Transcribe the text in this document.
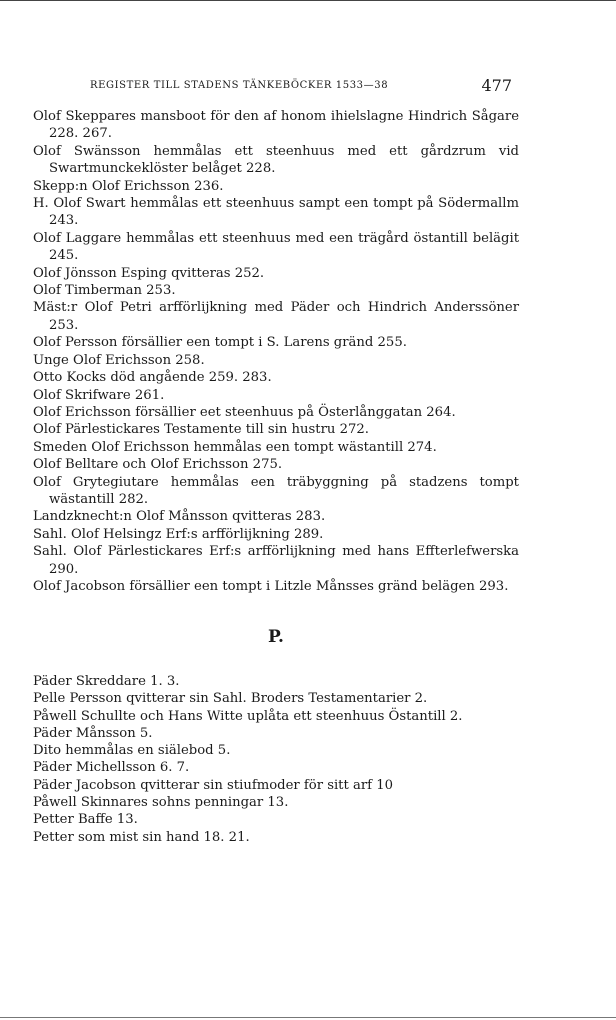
REGISTER TILL STADENS TÄNKEBÖCKER 1533—38	477

Olof Skeppares mansboot för den af honom ihielslagne Hindrich Sågare 228. 267.

Olof Swänsson hemmålas ett steenhuus med ett gårdzrum vid Swartmunckeklöster belåget 228.

Skepp:n Olof Erichsson 236.

H. Olof Swart hemmålas ett steenhuus sampt een tompt på Södermallm 243.

Olof Laggare hemmålas ett steenhuus med een trägård östantill belägit 245.

Olof Jönsson Esping qvitteras 252.

Olof Timberman 253.

Mäst:r Olof Petri arfförlijkning med Päder och Hindrich Anderssöner 253.

Olof Persson försällier een tompt i S. Larens gränd 255.

Unge Olof Erichsson 258.

Otto Kocks död angående 259. 283.

Olof Skrifware 261.

Olof Erichsson försällier eet steenhuus på Österlånggatan 264.

Olof Pärlestickares Testamente till sin hustru 272.

Smeden Olof Erichsson hemmålas een tompt wästantill 274.

Olof Belltare och Olof Erichsson 275.

Olof Grytegiutare hemmålas een träbyggning på stadzens tompt wästantill 282.

Landzknecht:n Olof Månsson qvitteras 283.

Sahl. Olof Helsingz Erf:s arfförlijkning 289.

Sahl. Olof Pärlestickares Erf:s arfförlijkning med hans Effterlefwerska 290.

Olof Jacobson försällier een tompt i Litzle Månsses gränd belägen 293.

P.

Päder Skreddare 1. 3.

Pelle Persson qvitterar sin Sahl. Broders Testamentarier 2.

Påwell Schullte och Hans Witte uplåta ett steenhuus Östantill 2.

Päder Månsson 5.

Dito hemmålas en siälebod 5.

Päder Michellsson 6. 7.

Päder Jacobson qvitterar sin stiufmoder för sitt arf 10

Påwell Skinnares sohns penningar 13.

Petter Baffe 13.

Petter som mist sin hand 18. 21.
